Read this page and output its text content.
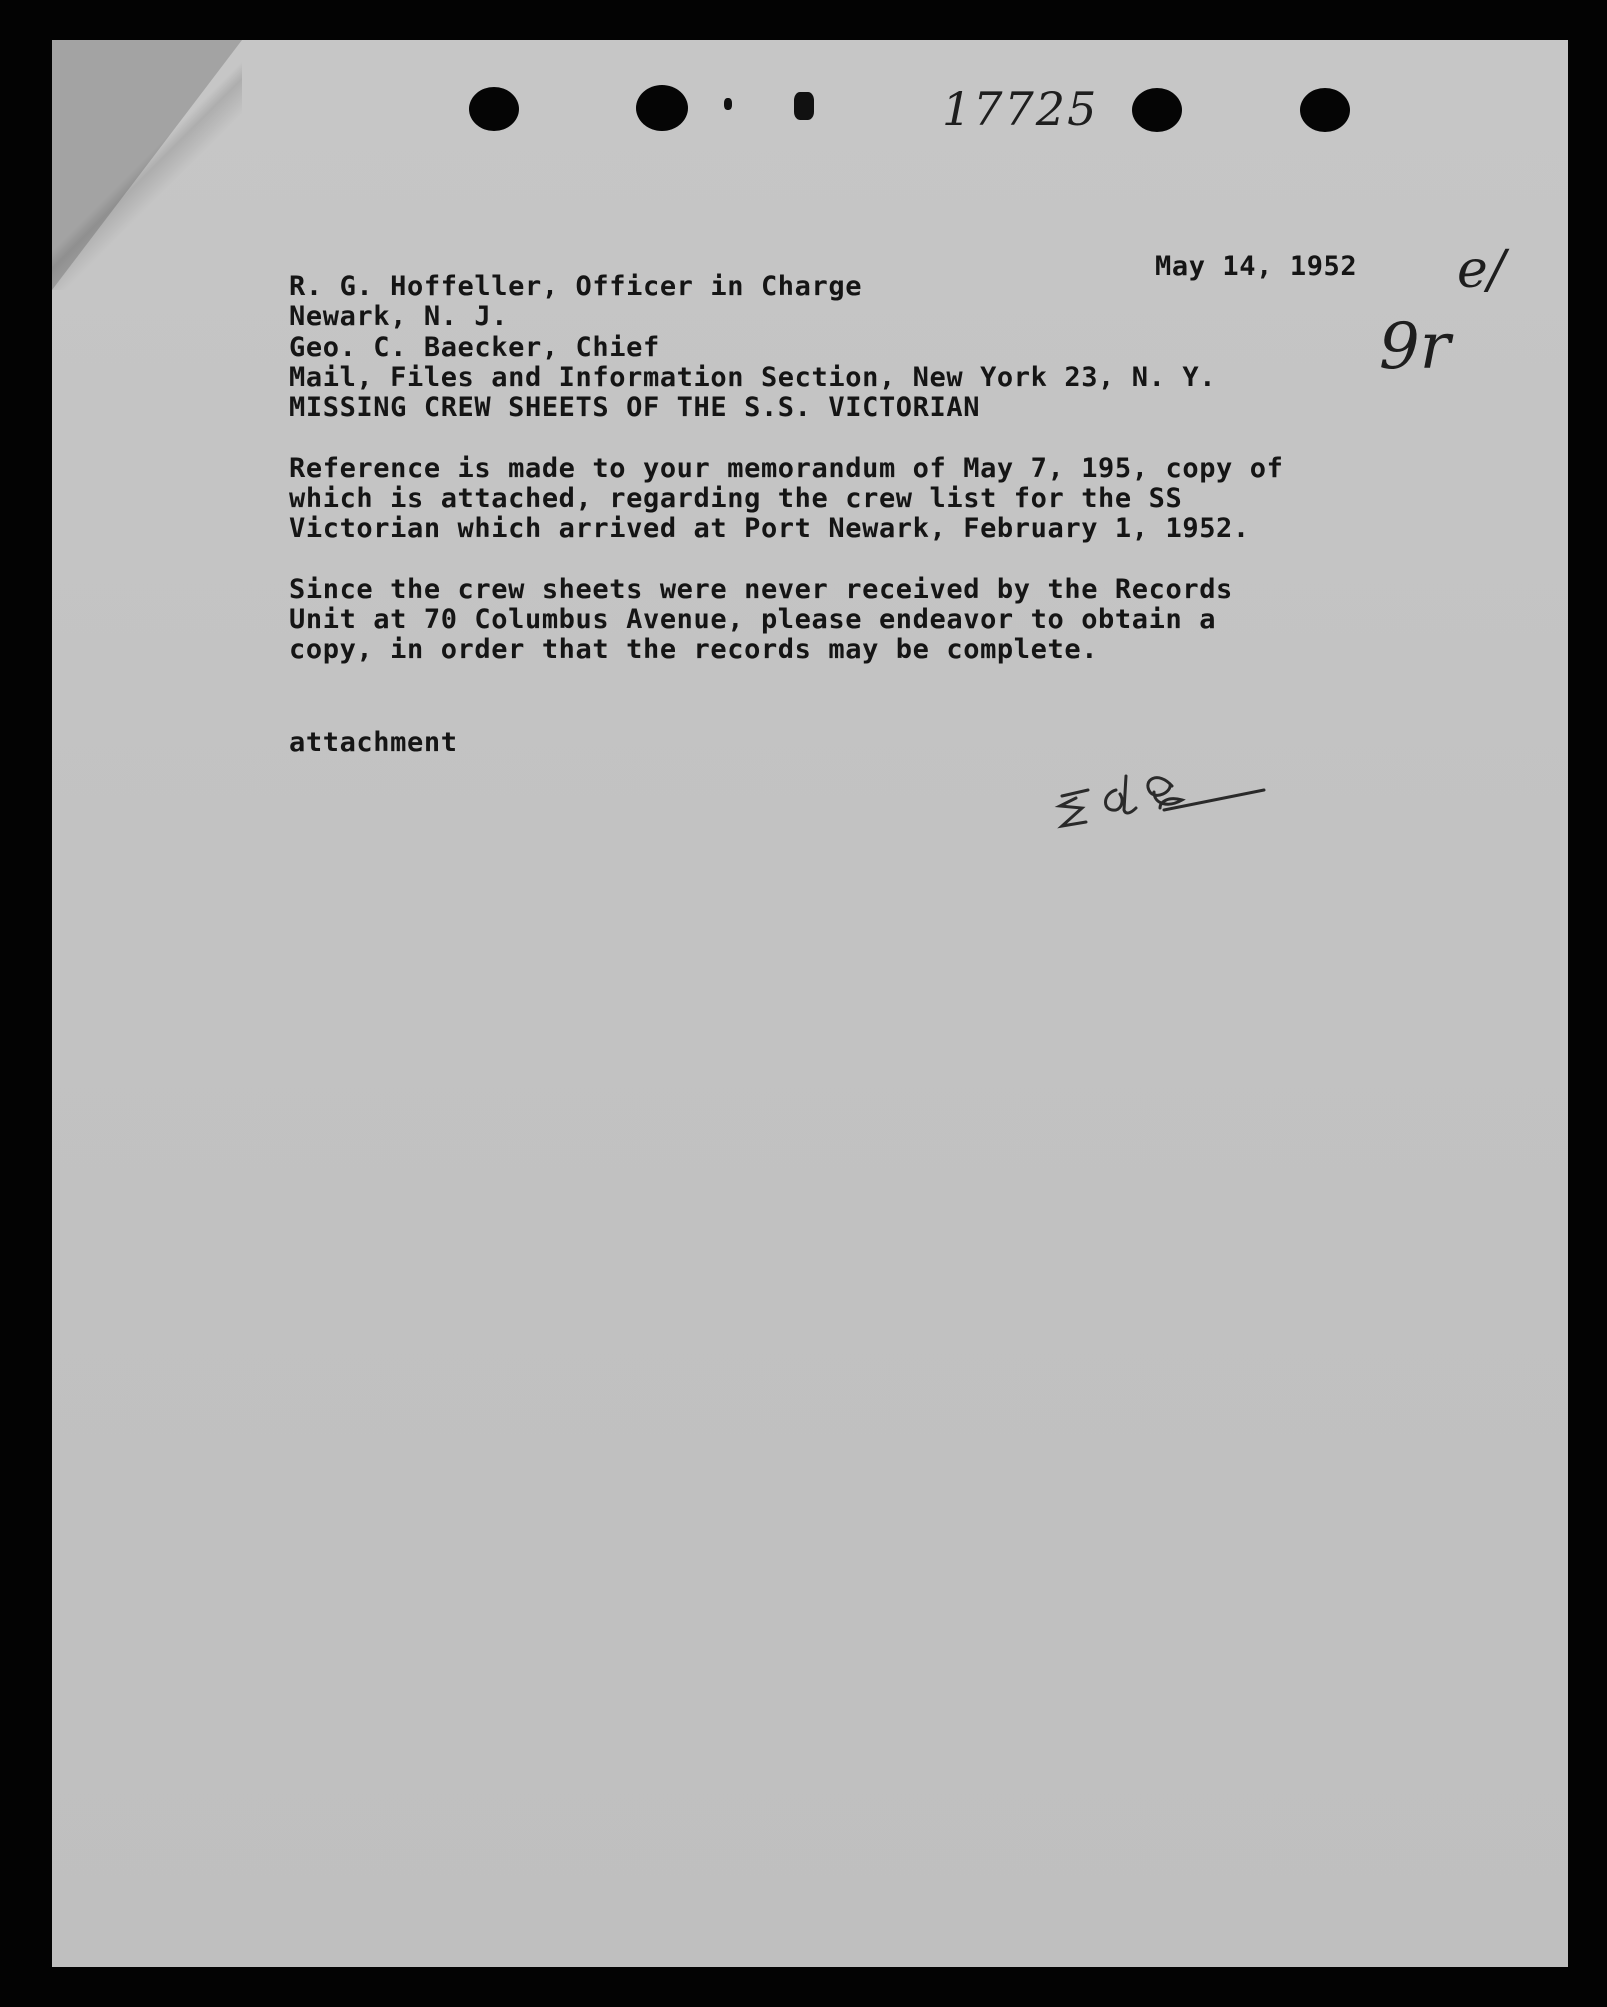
17725
May 14, 1952 e/
9r
R. G. Hoffeller, Officer in Charge
Newark, N. J.
Geo. C. Baecker, Chief
Mail, Files and Information Section, New York 23, N. Y.
MISSING CREW SHEETS OF THE S.S. VICTORIAN
Reference is made to your memorandum of May 7, 195, copy of
which is attached, regarding the crew list for the SS
Victorian which arrived at Port Newark, February 1, 1952.
Since the crew sheets were never received by the Records
Unit at 70 Columbus Avenue, please endeavor to obtain a
copy, in order that the records may be complete.
attachment
